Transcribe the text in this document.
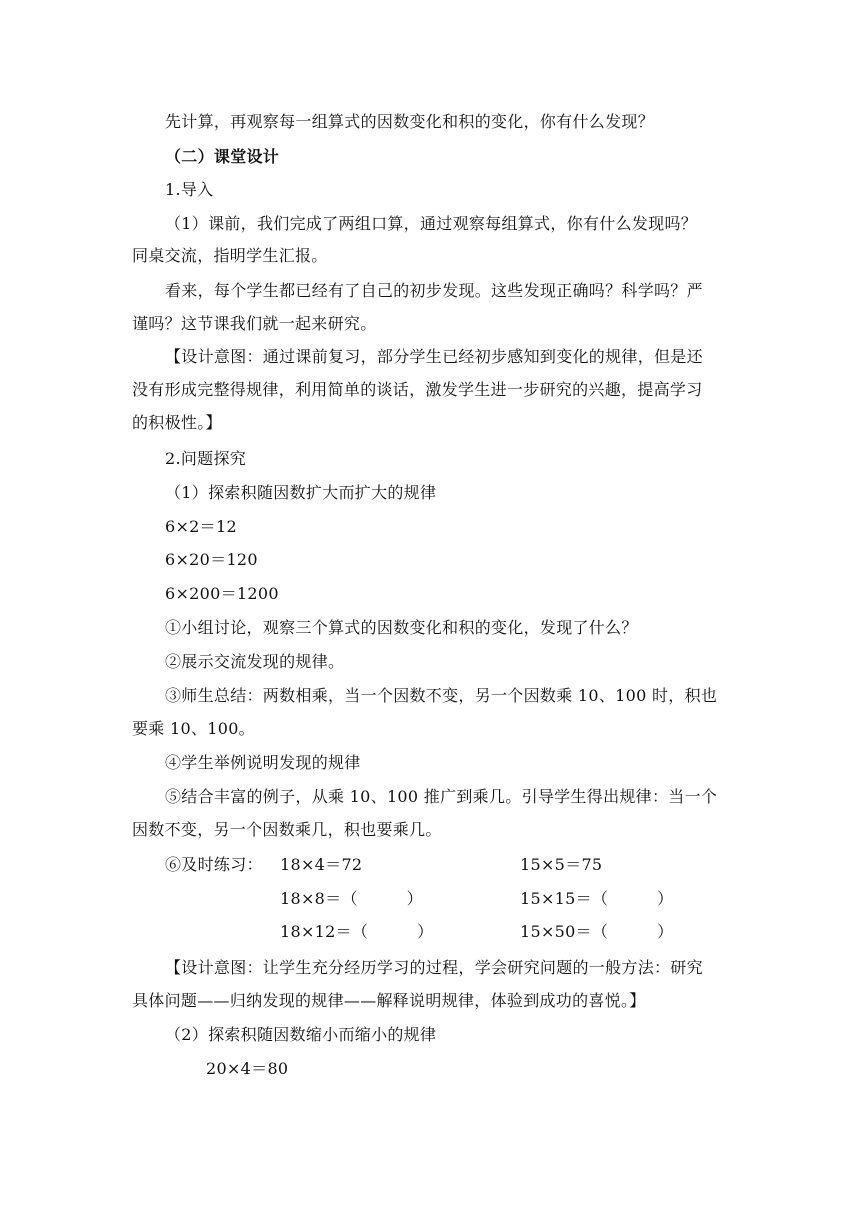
先计算，再观察每一组算式的因数变化和积的变化，你有什么发现？
（二）课堂设计
1.导入
（1）课前，我们完成了两组口算，通过观察每组算式，你有什么发现吗？
同桌交流，指明学生汇报。
看来，每个学生都已经有了自己的初步发现。这些发现正确吗？科学吗？严
谨吗？这节课我们就一起来研究。
【设计意图：通过课前复习，部分学生已经初步感知到变化的规律，但是还
没有形成完整得规律，利用简单的谈话，激发学生进一步研究的兴趣，提高学习
的积极性。】
2.问题探究
（1）探索积随因数扩大而扩大的规律
6×2＝12
6×20＝120
6×200＝1200
①小组讨论，观察三个算式的因数变化和积的变化，发现了什么？
②展示交流发现的规律。
③师生总结：两数相乘，当一个因数不变，另一个因数乘 10、100 时，积也
要乘 10、100。
④学生举例说明发现的规律
⑤结合丰富的例子，从乘 10、100 推广到乘几。引导学生得出规律：当一个
因数不变，另一个因数乘几，积也要乘几。
⑥及时练习： 18×4＝72
18×8＝（　　　）
18×12＝（　　　）
15×5＝75
15×15＝（　　　）
15×50＝（　　　）
【设计意图：让学生充分经历学习的过程，学会研究问题的一般方法：研究
具体问题——归纳发现的规律——解释说明规律，体验到成功的喜悦。】
（2）探索积随因数缩小而缩小的规律
20×4＝80
